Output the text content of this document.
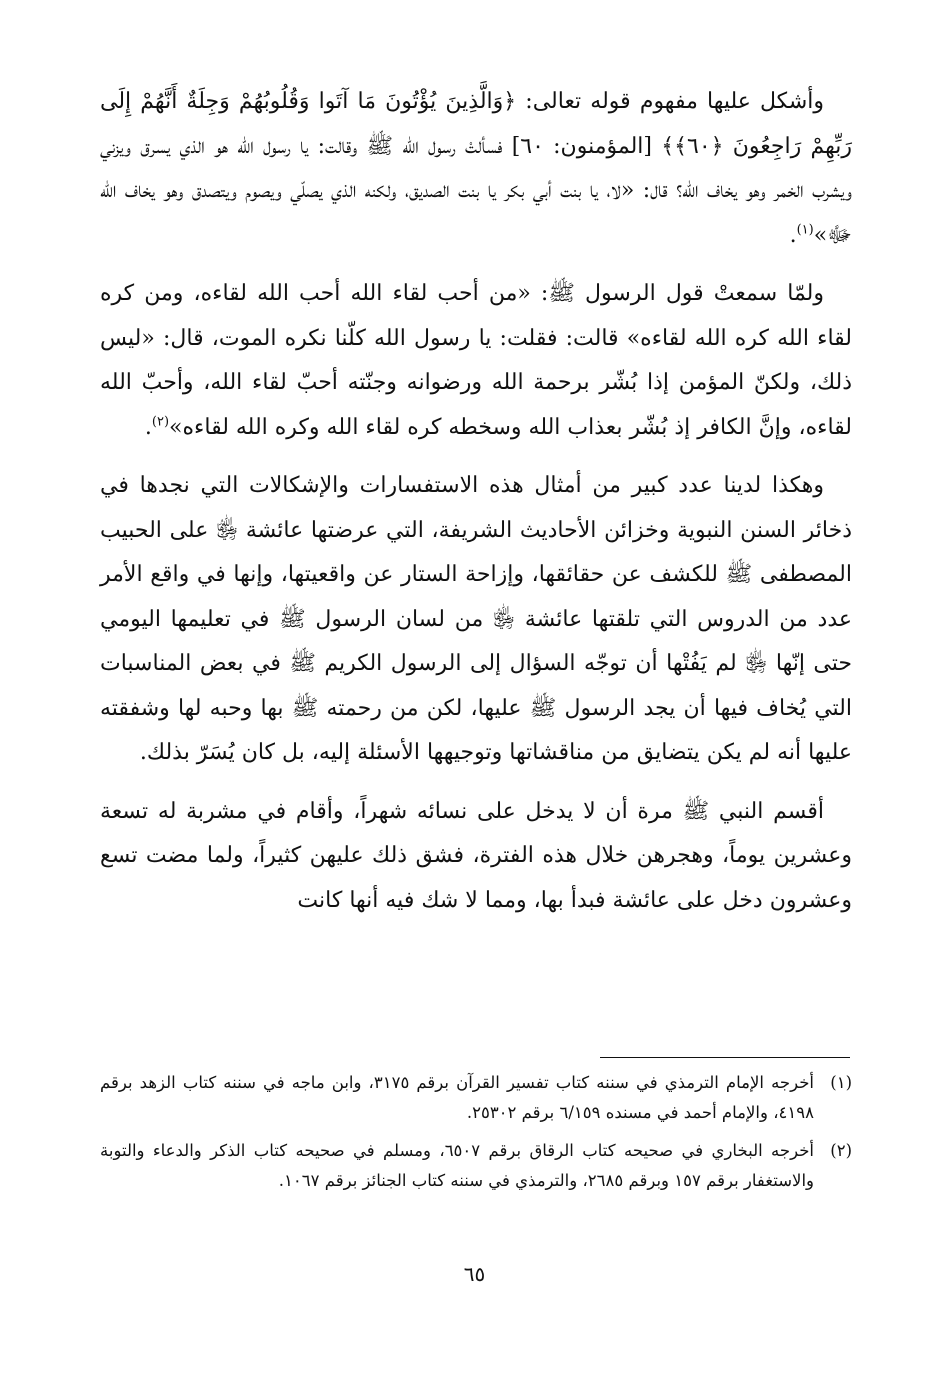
وأشكل عليها مفهوم قوله تعالى: ﴿وَالَّذِينَ يُؤْتُونَ مَا آتَوا وَقُلُوبُهُمْ وَجِلَةٌ أَنَّهُمْ إِلَى رَبِّهِمْ رَاجِعُونَ ﴿٦٠﴾﴾ [المؤمنون: ٦٠] فسألتْ رسول الله ﷺ وقالت: يا رسول الله هو الذي يسرق ويزني ويشرب الخمر وهو يخاف الله؟ قال: «لا، يا بنت أبي بكر يا بنت الصديق، ولكنه الذي يصلّي ويصوم ويتصدق وهو يخاف الله ﷻ»$^{(١)}$.

ولمّا سمعتْ قول الرسول ﷺ: «من أحب لقاء الله أحب الله لقاءه، ومن كره لقاء الله كره الله لقاءه» قالت: فقلت: يا رسول الله كلّنا نكره الموت، قال: «ليس ذلك، ولكنّ المؤمن إذا بُشّر برحمة الله ورضوانه وجنّته أحبّ لقاء الله، وأحبّ الله لقاءه، وإنَّ الكافر إذ بُشّر بعذاب الله وسخطه كره لقاء الله وكره الله لقاءه»$^{(٢)}$.

وهكذا لدينا عدد كبير من أمثال هذه الاستفسارات والإشكالات التي نجدها في ذخائر السنن النبوية وخزائن الأحاديث الشريفة، التي عرضتها عائشة ﵂ على الحبيب المصطفى ﷺ للكشف عن حقائقها، وإزاحة الستار عن واقعيتها، وإنها في واقع الأمر عدد من الدروس التي تلقتها عائشة ﵂ من لسان الرسول ﷺ في تعليمها اليومي حتى إنّها ﵂ لم يَفُتْها أن توجّه السؤال إلى الرسول الكريم ﷺ في بعض المناسبات التي يُخاف فيها أن يجد الرسول ﷺ عليها، لكن من رحمته ﷺ بها وحبه لها وشفقته عليها أنه لم يكن يتضايق من مناقشاتها وتوجيهها الأسئلة إليه، بل كان يُسَرّ بذلك.

أقسم النبي ﷺ مرة أن لا يدخل على نسائه شهراً، وأقام في مشربة له تسعة وعشرين يوماً، وهجرهن خلال هذه الفترة، فشق ذلك عليهن كثيراً، ولما مضت تسع وعشرون دخل على عائشة فبدأ بها، ومما لا شك فيه أنها كانت

(١)
أخرجه الإمام الترمذي في سننه كتاب تفسير القرآن برقم ٣١٧٥، وابن ماجه في سننه كتاب الزهد برقم ٤١٩٨، والإمام أحمد في مسنده ٦/١٥٩ برقم ٢٥٣٠٢.
(٢)
أخرجه البخاري في صحيحه كتاب الرقاق برقم ٦٥٠٧، ومسلم في صحيحه كتاب الذكر والدعاء والتوبة والاستغفار برقم ١٥٧ وبرقم ٢٦٨٥، والترمذي في سننه كتاب الجنائز برقم ١٠٦٧.
٦٥
